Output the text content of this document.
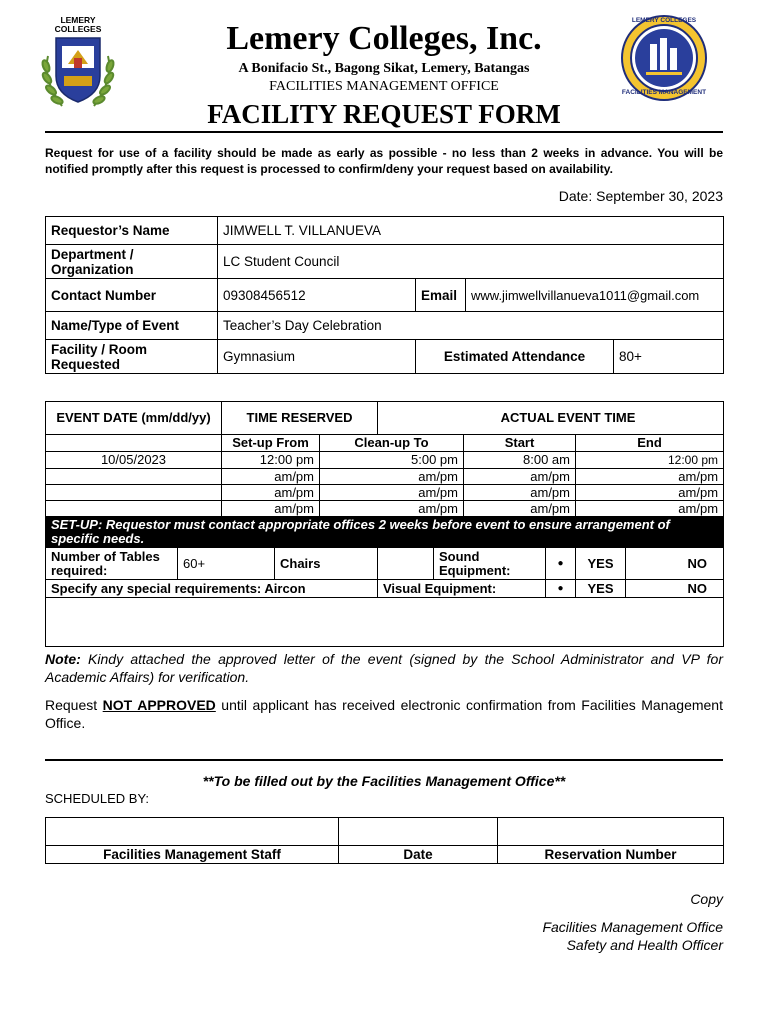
LEMERY COLLEGES	Lemery Colleges, Inc.
A Bonifacio St., Bagong Sikat, Lemery, Batangas
FACILITIES MANAGEMENT OFFICE
FACILITY REQUEST FORM
LEMERY COLLEGES
FACILITIES MANAGEMENT
Request for use of a facility should be made as early as possible - no less than 2 weeks in advance. You will be notified promptly after this request is processed to confirm/deny your request based on availability.
Date: September 30, 2023
Requestor’s Name	JIMWELL T. VILLANUEVA			
Department / Organization	LC Student Council			
Contact Number	09308456512	Email	www.jimwellvillanueva1011@gmail.com	
Name/Type of Event	Teacher’s Day Celebration			
Facility / Room Requested	Gymnasium	Estimated Attendance		80+
EVENT DATE (mm/dd/yy)		TIME RESERVED			ACTUAL EVENT TIME					
		Set-up From		Clean-up To			Start		End	
10/05/2023		12:00 pm		5:00 pm			8:00 am		12:00 pm	
		am/pm		am/pm			am/pm		am/pm	
		am/pm		am/pm			am/pm		am/pm	
		am/pm		am/pm			am/pm		am/pm	
SET-UP: Requestor must contact appropriate offices 2 weeks before event to ensure arrangement of specific needs.										
Number of Tables required:	60+		Chairs			Sound Equipment:		●	YES	NO
Specify any special requirements: Aircon					Visual Equipment:			●	YES	NO

Note: Kindy attached the approved letter of the event (signed by the School Administrator and VP for Academic Affairs) for verification.
Request NOT APPROVED until applicant has received electronic confirmation from Facilities Management Office.
**To be filled out by the Facilities Management Office**
SCHEDULED BY:

Facilities Management Staff	Date	Reservation Number
Copy
Facilities Management Office
Safety and Health Officer
